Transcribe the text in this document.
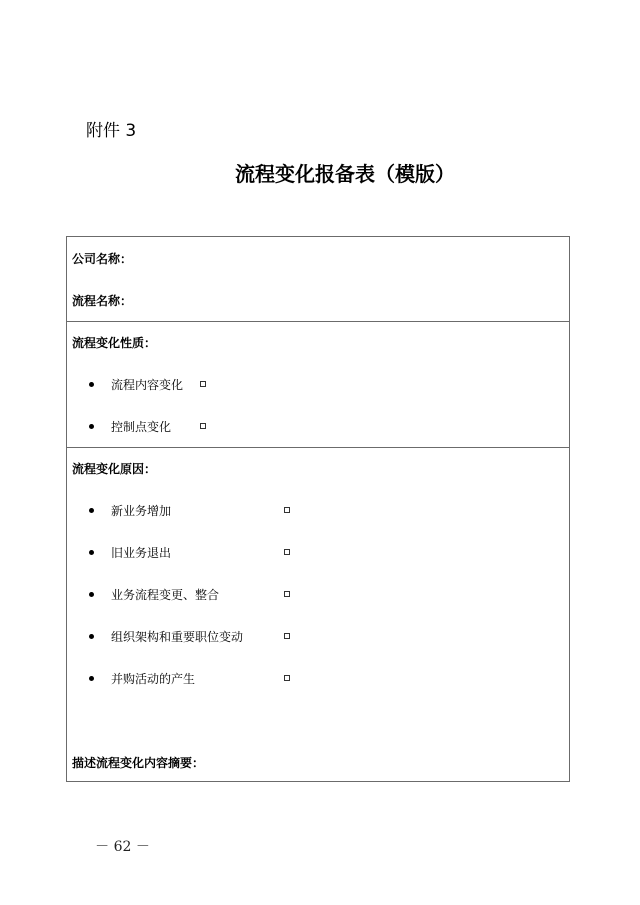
附件 3
流程变化报备表（模版）
公司名称：
流程名称：
流程变化性质：
流程内容变化
控制点变化
流程变化原因：
新业务增加
旧业务退出
业务流程变更、整合
组织架构和重要职位变动
并购活动的产生
描述流程变化内容摘要：
－ 62 －
